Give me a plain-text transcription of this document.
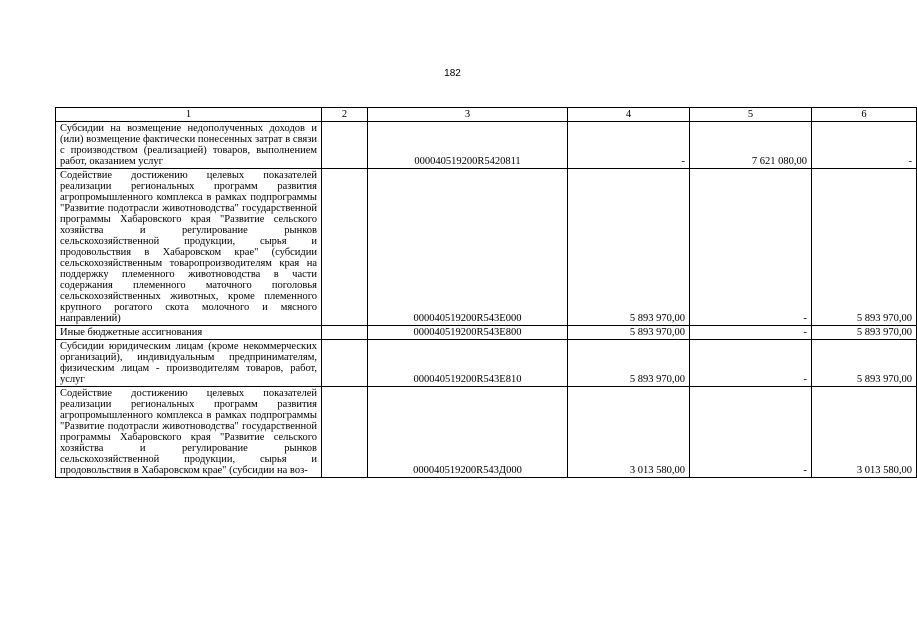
182
1	2	3	4	5	6
Субсидии на возмещение недополученных доходов и (или) возмещение фактически понесенных затрат в связи с производством (реализацией) товаров, выполнением работ, оказанием услуг		000040519200R5420811	-	7 621 080,00	-
Содействие достижению целевых показателей реализации региональных программ развития агропромышленного комплекса в рамках подпрограммы "Развитие подотрасли животноводства" государственной программы Хабаровского края "Развитие сельского хозяйства и регулирование рынков сельскохозяйственной продукции, сырья и продовольствия в Хабаровском крае" (субсидии сельскохозяйственным товаропроизводителям края на поддержку племенного животноводства в части содержания племенного маточного поголовья сельскохозяйственных животных, кроме племенного крупного рогатого скота молочного и мясного направлений)		000040519200R543E000	5 893 970,00	-	5 893 970,00
Иные бюджетные ассигнования		000040519200R543E800	5 893 970,00	-	5 893 970,00
Субсидии юридическим лицам (кроме некоммерческих организаций), индивидуальным предпринимателям, физическим лицам - производителям товаров, работ, услуг		000040519200R543E810	5 893 970,00	-	5 893 970,00
Содействие достижению целевых показателей реализации региональных программ развития агропромышленного комплекса в рамках подпрограммы "Развитие подотрасли животноводства" государственной программы Хабаровского края "Развитие сельского хозяйства и регулирование рынков сельскохозяйственной продукции, сырья и продовольствия в Хабаровском крае" (субсидии на воз-		000040519200R543Д000	3 013 580,00	-	3 013 580,00
